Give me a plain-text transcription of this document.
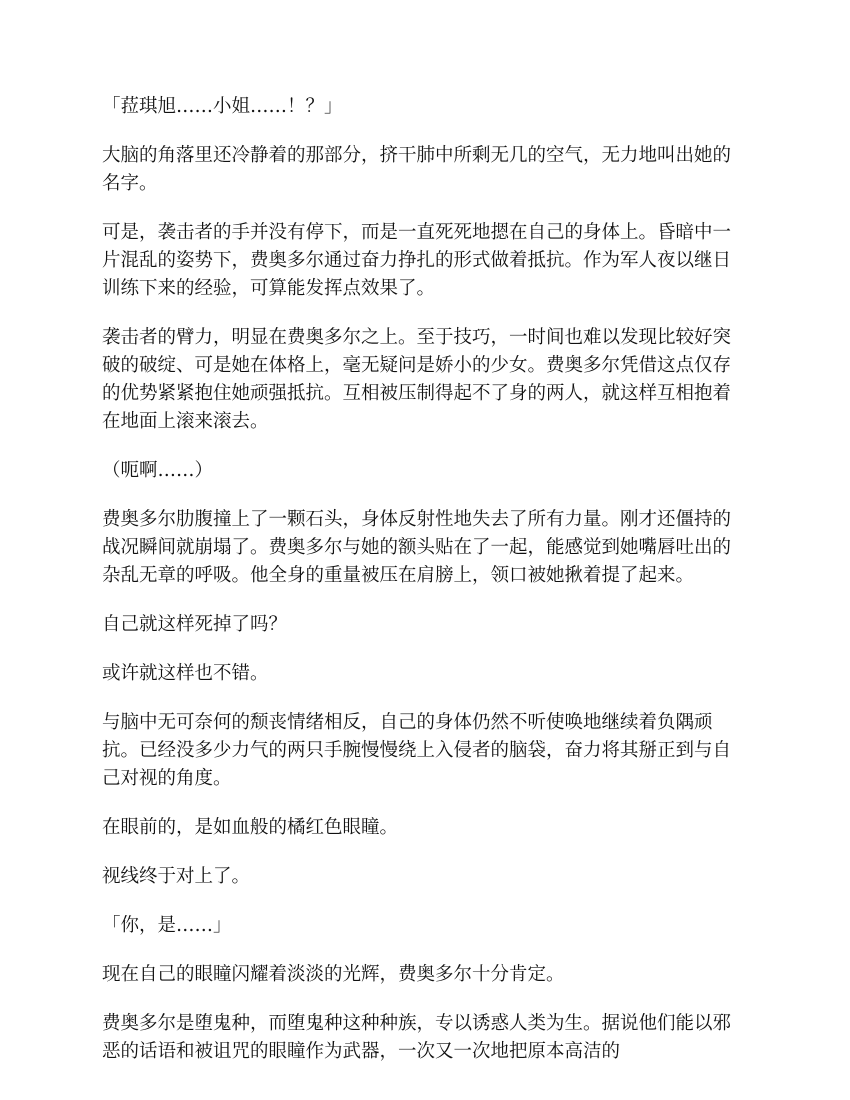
「菈琪旭……小姐……！？」

大脑的角落里还冷静着的那部分，挤干肺中所剩无几的空气，无力地叫出她的名字。

可是，袭击者的手并没有停下，而是一直死死地摁在自己的身体上。昏暗中一片混乱的姿势下，费奥多尔通过奋力挣扎的形式做着抵抗。作为军人夜以继日训练下来的经验，可算能发挥点效果了。

袭击者的臂力，明显在费奥多尔之上。至于技巧，一时间也难以发现比较好突破的破绽、可是她在体格上，毫无疑问是娇小的少女。费奥多尔凭借这点仅存的优势紧紧抱住她顽强抵抗。互相被压制得起不了身的两人，就这样互相抱着在地面上滚来滚去。

（呃啊……）

费奥多尔肋腹撞上了一颗石头，身体反射性地失去了所有力量。刚才还僵持的战况瞬间就崩塌了。费奥多尔与她的额头贴在了一起，能感觉到她嘴唇吐出的杂乱无章的呼吸。他全身的重量被压在肩膀上，领口被她揪着提了起来。

自己就这样死掉了吗？

或许就这样也不错。

与脑中无可奈何的颓丧情绪相反，自己的身体仍然不听使唤地继续着负隅顽抗。已经没多少力气的两只手腕慢慢绕上入侵者的脑袋，奋力将其掰正到与自己对视的角度。

在眼前的，是如血般的橘红色眼瞳。

视线终于对上了。

「你，是……」

现在自己的眼瞳闪耀着淡淡的光辉，费奥多尔十分肯定。

费奥多尔是堕鬼种，而堕鬼种这种种族，专以诱惑人类为生。据说他们能以邪恶的话语和被诅咒的眼瞳作为武器，一次又一次地把原本高洁的
